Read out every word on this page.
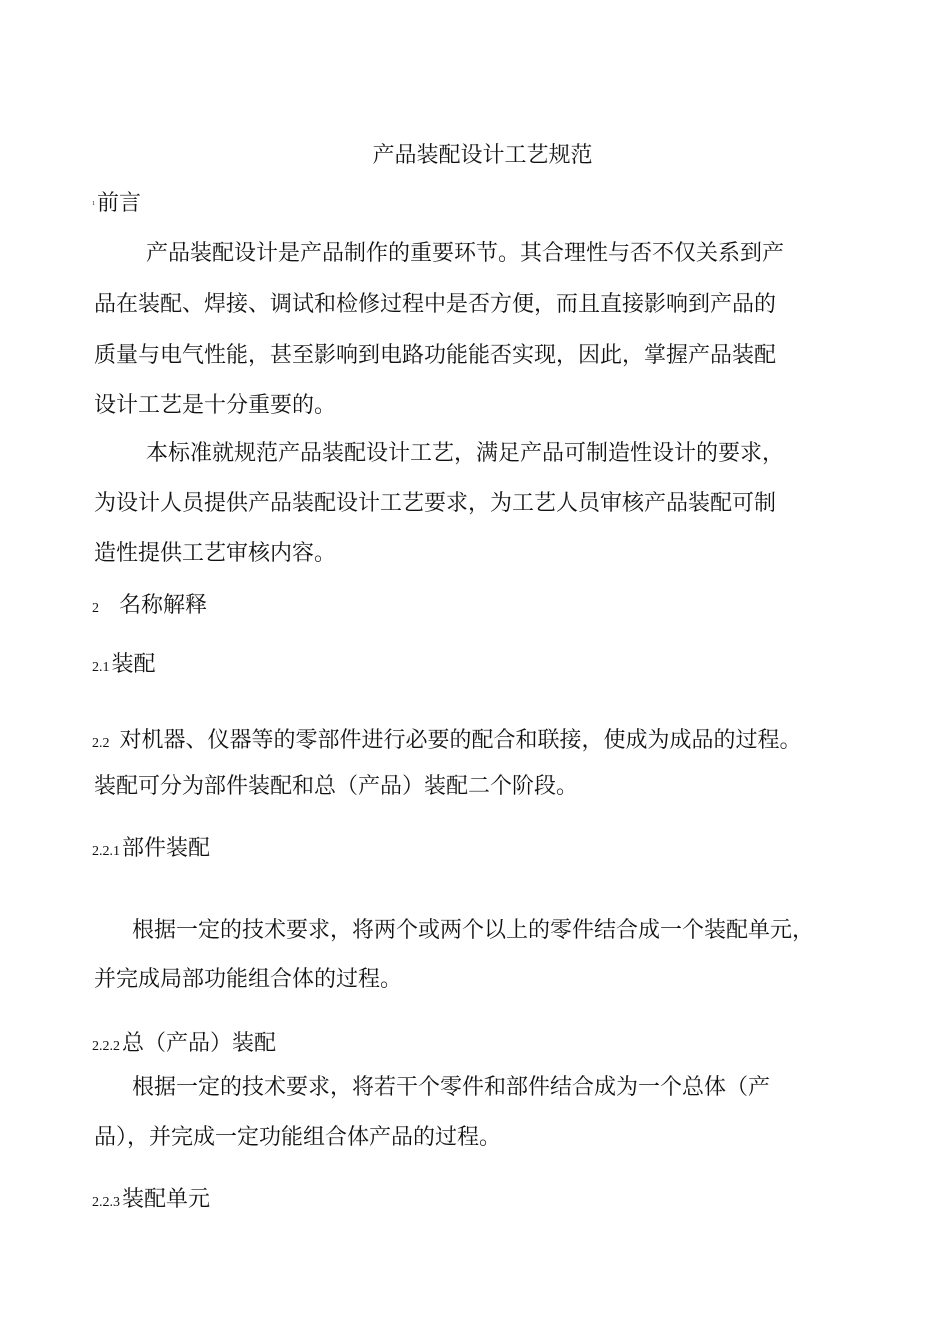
产品装配设计工艺规范
1前言
产品装配设计是产品制作的重要环节。其合理性与否不仅关系到产
品在装配、焊接、调试和检修过程中是否方便，而且直接影响到产品的
质量与电气性能，甚至影响到电路功能能否实现，因此，掌握产品装配
设计工艺是十分重要的。
本标准就规范产品装配设计工艺，满足产品可制造性设计的要求，
为设计人员提供产品装配设计工艺要求，为工艺人员审核产品装配可制
造性提供工艺审核内容。
2 名称解释
2.1装配
2.2 对机器、仪器等的零部件进行必要的配合和联接，使成为成品的过程。
装配可分为部件装配和总（产品）装配二个阶段。
2.2.1部件装配
根据一定的技术要求，将两个或两个以上的零件结合成一个装配单元，
并完成局部功能组合体的过程。
2.2.2总（产品）装配
根据一定的技术要求，将若干个零件和部件结合成为一个总体（产
品），并完成一定功能组合体产品的过程。
2.2.3装配单元
